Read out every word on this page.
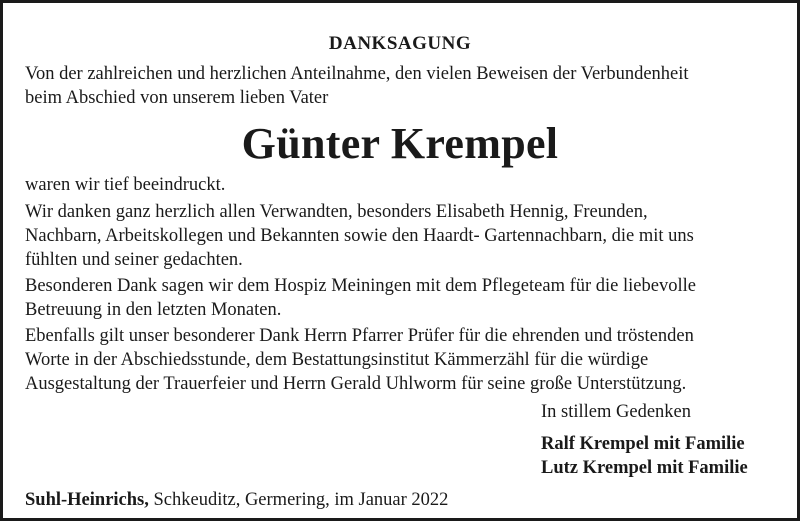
DANKSAGUNG

Von der zahlreichen und herzlichen Anteilnahme, den vielen Beweisen der Verbundenheit

beim Abschied von unserem lieben Vater

Günter Krempel

waren wir tief beeindruckt.

Wir danken ganz herzlich allen Verwandten, besonders Elisabeth Hennig, Freunden,

Nachbarn, Arbeitskollegen und Bekannten sowie den Haardt- Gartennachbarn, die mit uns

fühlten und seiner gedachten.

Besonderen Dank sagen wir dem Hospiz Meiningen mit dem Pflegeteam für die liebevolle

Betreuung in den letzten Monaten.

Ebenfalls gilt unser besonderer Dank Herrn Pfarrer Prüfer für die ehrenden und tröstenden

Worte in der Abschiedsstunde, dem Bestattungsinstitut Kämmerzähl für die würdige

Ausgestaltung der Trauerfeier und Herrn Gerald Uhlworm für seine große Unterstützung.

In stillem Gedenken
Ralf Krempel mit Familie
Lutz Krempel mit Familie
Suhl-Heinrichs, Schkeuditz, Germering, im Januar 2022
